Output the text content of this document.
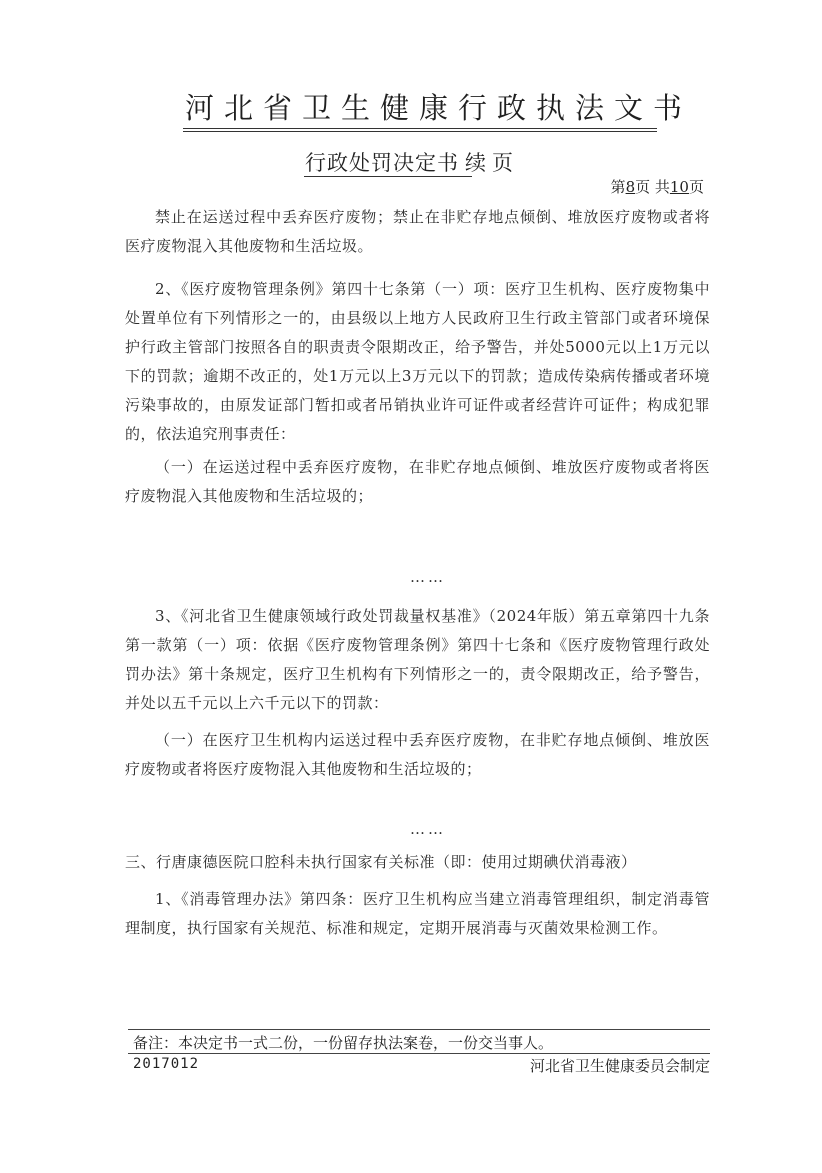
河北省卫生健康行政执法文书
行政处罚决定书 续页
第8页 共10页

禁止在运送过程中丢弃医疗废物；禁止在非贮存地点倾倒、堆放医疗废物或者将医疗废物混入其他废物和生活垃圾。

2、《医疗废物管理条例》第四十七条第（一）项：医疗卫生机构、医疗废物集中处置单位有下列情形之一的，由县级以上地方人民政府卫生行政主管部门或者环境保护行政主管部门按照各自的职责责令限期改正，给予警告，并处5000元以上1万元以下的罚款；逾期不改正的，处1万元以上3万元以下的罚款；造成传染病传播或者环境污染事故的，由原发证部门暂扣或者吊销执业许可证件或者经营许可证件；构成犯罪的，依法追究刑事责任：

（一）在运送过程中丢弃医疗废物，在非贮存地点倾倒、堆放医疗废物或者将医疗废物混入其他废物和生活垃圾的；

……

3、《河北省卫生健康领域行政处罚裁量权基准》（2024年版）第五章第四十九条第一款第（一）项：依据《医疗废物管理条例》第四十七条和《医疗废物管理行政处罚办法》第十条规定，医疗卫生机构有下列情形之一的，责令限期改正，给予警告，并处以五千元以上六千元以下的罚款：

（一）在医疗卫生机构内运送过程中丢弃医疗废物，在非贮存地点倾倒、堆放医疗废物或者将医疗废物混入其他废物和生活垃圾的；

……

三、行唐康德医院口腔科未执行国家有关标准（即：使用过期碘伏消毒液）

1、《消毒管理办法》第四条：医疗卫生机构应当建立消毒管理组织，制定消毒管理制度，执行国家有关规范、标准和规定，定期开展消毒与灭菌效果检测工作。

备注：本决定书一式二份，一份留存执法案卷，一份交当事人。
2017012	河北省卫生健康委员会制定
